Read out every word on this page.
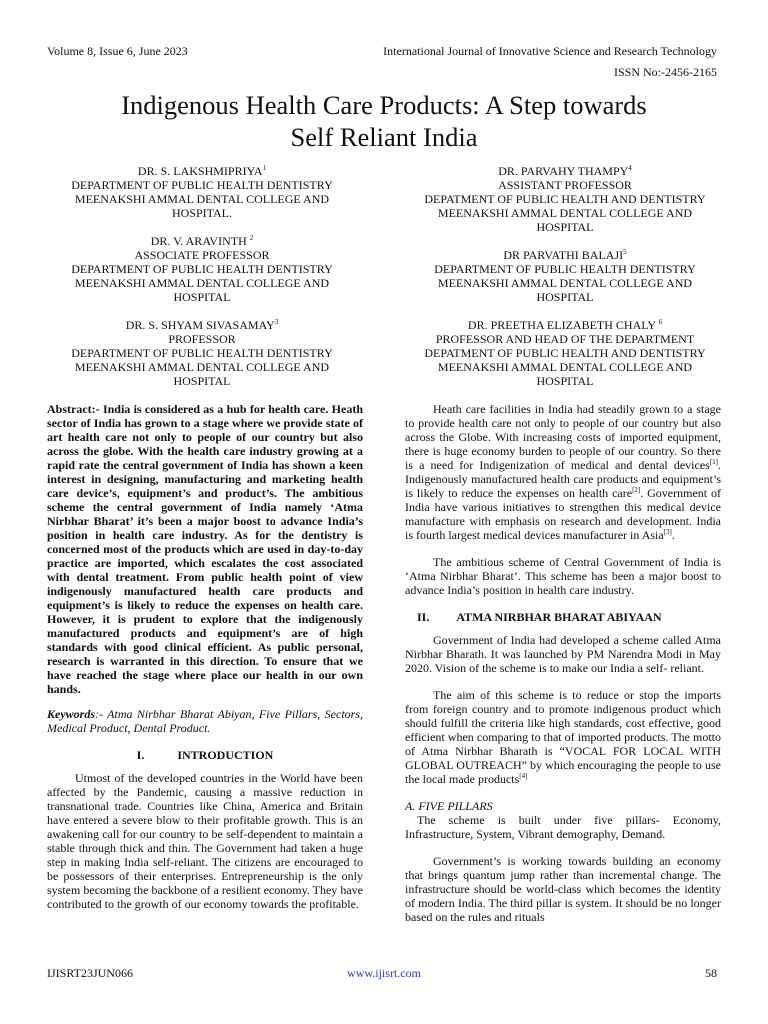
Volume 8, Issue 6, June 2023	International Journal of Innovative Science and Research Technology
ISSN No:-2456-2165
Indigenous Health Care Products: A Step towards
Self Reliant India
DR. S. LAKSHMIPRIYA$^1$
DEPARTMENT OF PUBLIC HEALTH DENTISTRY
MEENAKSHI AMMAL DENTAL COLLEGE AND
HOSPITAL.
DR. V. ARAVINTH $^2$
ASSOCIATE PROFESSOR
DEPARTMENT OF PUBLIC HEALTH DENTISTRY
MEENAKSHI AMMAL DENTAL COLLEGE AND
HOSPITAL
DR. S. SHYAM SIVASAMAY$^3$
PROFESSOR
DEPARTMENT OF PUBLIC HEALTH DENTISTRY
MEENAKSHI AMMAL DENTAL COLLEGE AND
HOSPITAL
DR. PARVAHY THAMPY$^4$
ASSISTANT PROFESSOR
DEPATMENT OF PUBLIC HEALTH AND DENTISTRY
MEENAKSHI AMMAL DENTAL COLLEGE AND
HOSPITAL
DR PARVATHI BALAJI$^5$
DEPARTMENT OF PUBLIC HEALTH DENTISTRY
MEENAKSHI AMMAL DENTAL COLLEGE AND
HOSPITAL
DR. PREETHA ELIZABETH CHALY $^6$
PROFESSOR AND HEAD OF THE DEPARTMENT
DEPATMENT OF PUBLIC HEALTH AND DENTISTRY
MEENAKSHI AMMAL DENTAL COLLEGE AND
HOSPITAL

Abstract:- India is considered as a hub for health care. Heath sector of India has grown to a stage where we provide state of art health care not only to people of our country but also across the globe. With the health care industry growing at a rapid rate the central government of India has shown a keen interest in designing, manufacturing and marketing health care device’s, equipment’s and product’s. The ambitious scheme the central government of India namely ‘Atma Nirbhar Bharat’ it’s been a major boost to advance India’s position in health care industry. As for the dentistry is concerned most of the products which are used in day-to-day practice are imported, which escalates the cost associated with dental treatment. From public health point of view indigenously manufactured health care products and equipment’s is likely to reduce the expenses on health care. However, it is prudent to explore that the indigenously manufactured products and equipment’s are of high standards with good clinical efficient. As public personal, research is warranted in this direction. To ensure that we have reached the stage where place our health in our own hands.

Keywords:- Atma Nirbhar Bharat Abiyan, Five Pillars, Sectors, Medical Product, Dental Product.

I.	INTRODUCTION

Utmost of the developed countries in the World have been affected by the Pandemic, causing a massive reduction in transnational trade. Countries like China, America and Britain have entered a severe blow to their profitable growth. This is an awakening call for our country to be self-dependent to maintain a stable through thick and thin. The Government had taken a huge step in making India self-reliant. The citizens are encouraged to be possessors of their enterprises. Entrepreneurship is the only system becoming the backbone of a resilient economy. They have contributed to the growth of our economy towards the profitable.

Heath care facilities in India had steadily grown to a stage to provide health care not only to people of our country but also across the Globe. With increasing costs of imported equipment, there is huge economy burden to people of our country. So there is a need for Indigenization of medical and dental devices[1]. Indigenously manufactured health care products and equipment’s is likely to reduce the expenses on health care[2]. Government of India have various initiatives to strengthen this medical device manufacture with emphasis on research and development. India is fourth largest medical devices manufacturer in Asia[3].

The ambitious scheme of Central Government of India is ‘Atma Nirbhar Bharat’. This scheme has been a major boost to advance India’s position in health care industry.

II. ATMA NIRBHAR BHARAT ABIYAAN

Government of India had developed a scheme called Atma Nirbhar Bharath. It was launched by PM Narendra Modi in May 2020. Vision of the scheme is to make our India a self- reliant.

The aim of this scheme is to reduce or stop the imports from foreign country and to promote indigenous product which should fulfill the criteria like high standards, cost effective, good efficient when comparing to that of imported products. The motto of Atma Nirbhar Bharath is “VOCAL FOR LOCAL WITH GLOBAL OUTREACH” by which encouraging the people to use the local made products[4]

A. FIVE PILLARS

The scheme is built under five pillars- Economy, Infrastructure, System, Vibrant demography, Demand.

Government’s is working towards building an economy that brings quantum jump rather than incremental change. The infrastructure should be world-class which becomes the identity of modern India. The third pillar is system. It should be no longer based on the rules and rituals

IJISRT23JUN066	www.ijisrt.com	58
